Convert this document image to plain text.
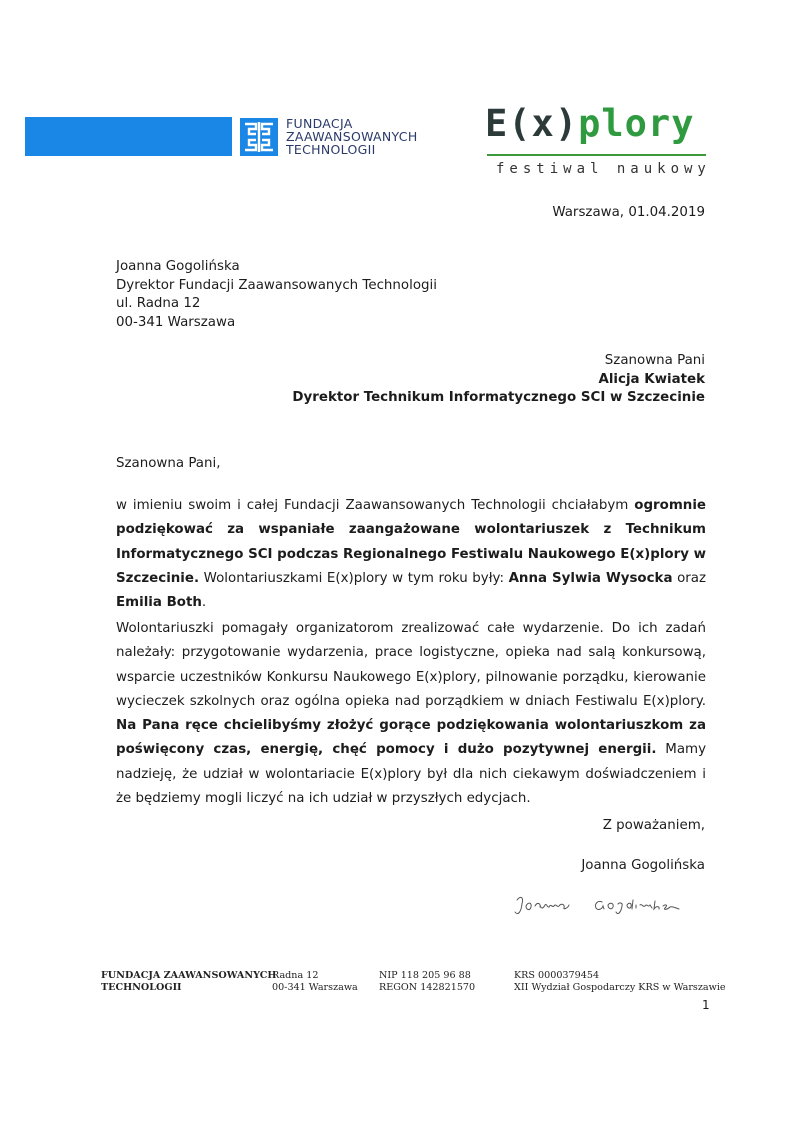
FUNDACJA
ZAAWANSOWANYCH
TECHNOLOGII
E(x)plory
festiwal naukowy
Warszawa, 01.04.2019
Joanna Gogolińska
Dyrektor Fundacji Zaawansowanych Technologii
ul. Radna 12
00-341 Warszawa
Szanowna Pani
Alicja Kwiatek
Dyrektor Technikum Informatycznego SCI w Szczecinie
Szanowna Pani,
w imieniu swoim i całej Fundacji Zaawansowanych Technologii chciałabym ogromnie podziękować za wspaniałe zaangażowane wolontariuszek z Technikum Informatycznego SCI podczas Regionalnego Festiwalu Naukowego E(x)plory w Szczecinie. Wolontariuszkami E(x)plory w tym roku były: Anna Sylwia Wysocka oraz Emilia Both.
Wolontariuszki pomagały organizatorom zrealizować całe wydarzenie. Do ich zadań należały: przygotowanie wydarzenia, prace logistyczne, opieka nad salą konkursową, wsparcie uczestników Konkursu Naukowego E(x)plory, pilnowanie porządku, kierowanie wycieczek szkolnych oraz ogólna opieka nad porządkiem w dniach Festiwalu E(x)plory. Na Pana ręce chcielibyśmy złożyć gorące podziękowania wolontariuszkom za poświęcony czas, energię, chęć pomocy i dużo pozytywnej energii. Mamy nadzieję, że udział w wolontariacie E(x)plory był dla nich ciekawym doświadczeniem i że będziemy mogli liczyć na ich udział w przyszłych edycjach.
Z poważaniem,
Joanna Gogolińska
FUNDACJA ZAAWANSOWANYCH
TECHNOLOGII
Radna 12
00-341 Warszawa
NIP 118 205 96 88
REGON 142821570
KRS 0000379454
XII Wydział Gospodarczy KRS w Warszawie
1
